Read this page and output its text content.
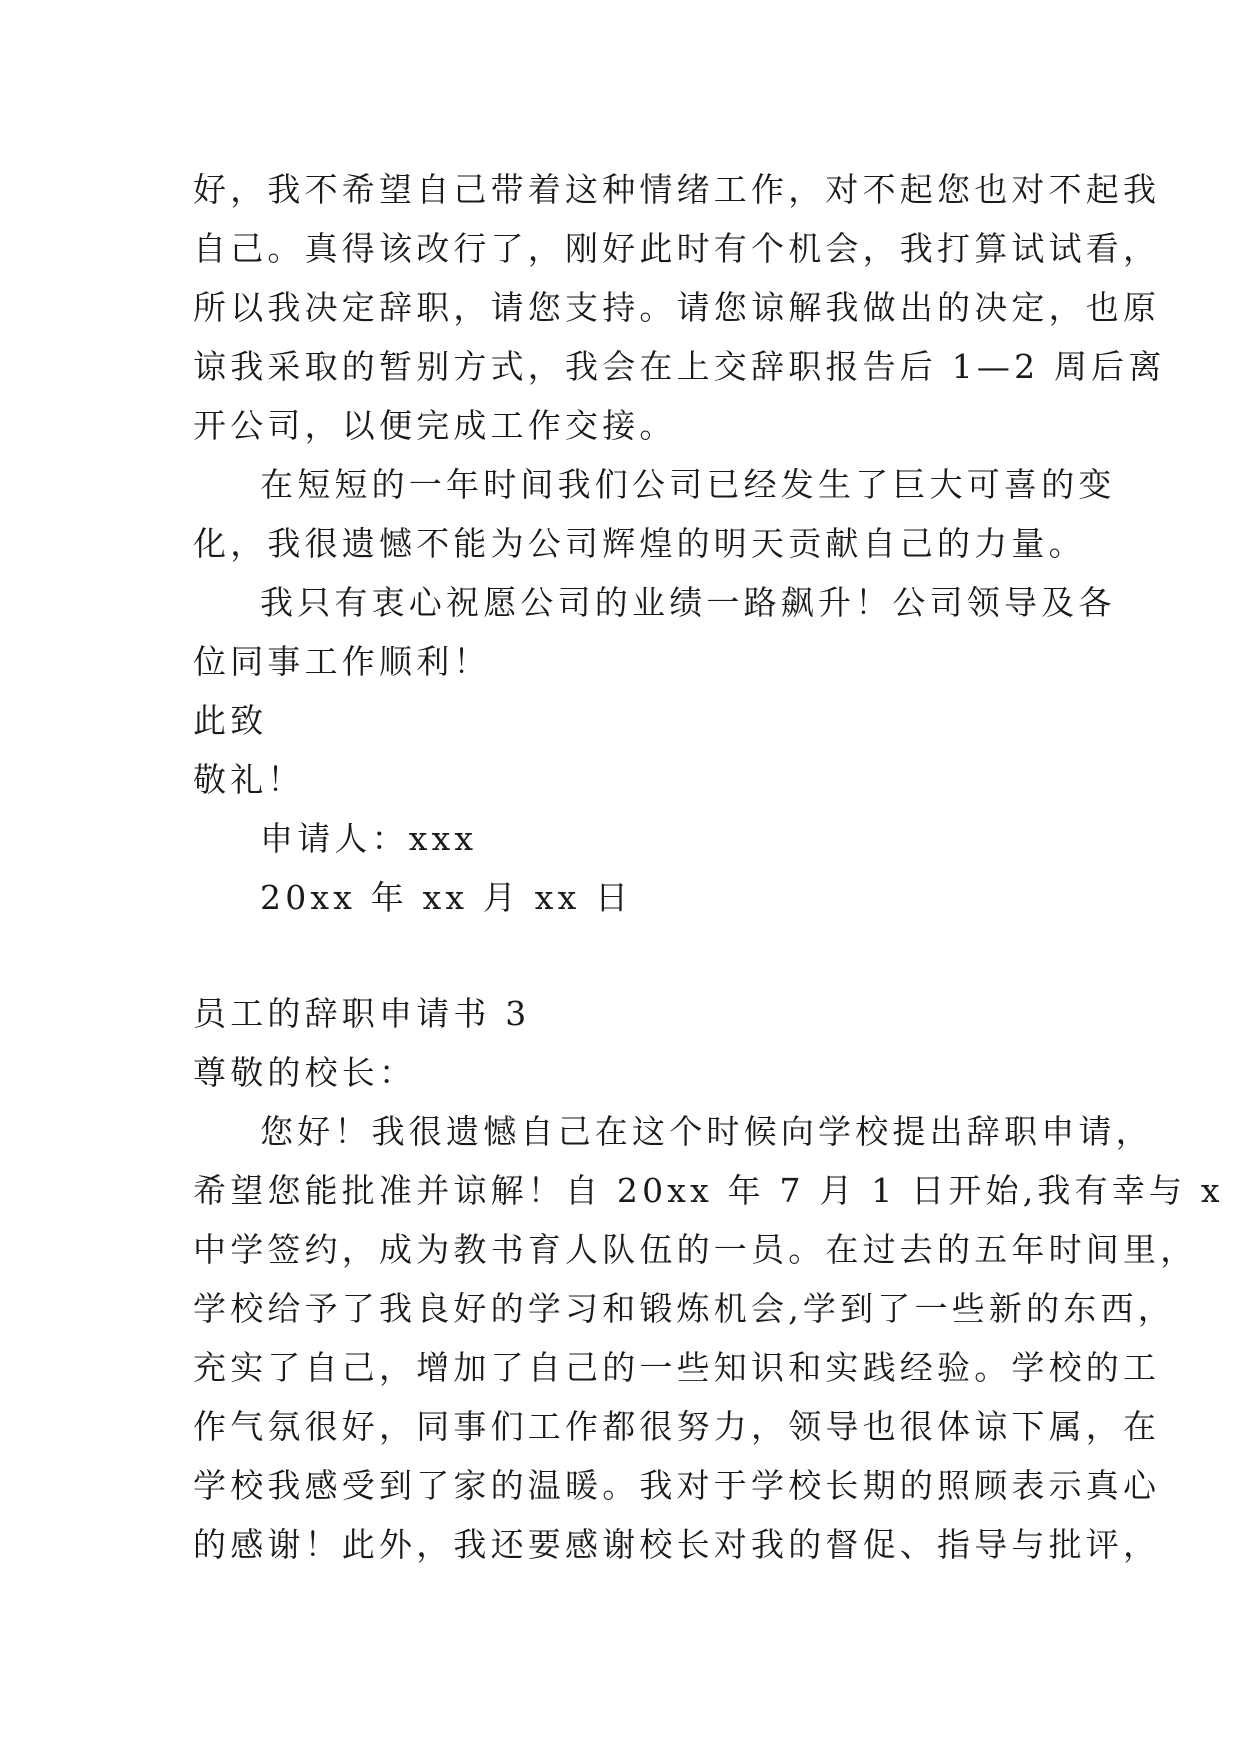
好，我不希望自己带着这种情绪工作，对不起您也对不起我
自己。真得该改行了，刚好此时有个机会，我打算试试看，
所以我决定辞职，请您支持。请您谅解我做出的决定，也原
谅我采取的暂别方式，我会在上交辞职报告后 1—2 周后离
开公司，以便完成工作交接。
在短短的一年时间我们公司已经发生了巨大可喜的变
化，我很遗憾不能为公司辉煌的明天贡献自己的力量。
我只有衷心祝愿公司的业绩一路飙升！公司领导及各
位同事工作顺利！
此致
敬礼！
申请人：xxx
20xx 年 xx 月 xx 日
员工的辞职申请书 3
尊敬的校长：
您好！我很遗憾自己在这个时候向学校提出辞职申请，
希望您能批准并谅解！自 20xx 年 7 月 1 日开始,我有幸与 x
中学签约，成为教书育人队伍的一员。在过去的五年时间里，
学校给予了我良好的学习和锻炼机会,学到了一些新的东西，
充实了自己，增加了自己的一些知识和实践经验。学校的工
作气氛很好，同事们工作都很努力，领导也很体谅下属，在
学校我感受到了家的温暖。我对于学校长期的照顾表示真心
的感谢！此外，我还要感谢校长对我的督促、指导与批评，
